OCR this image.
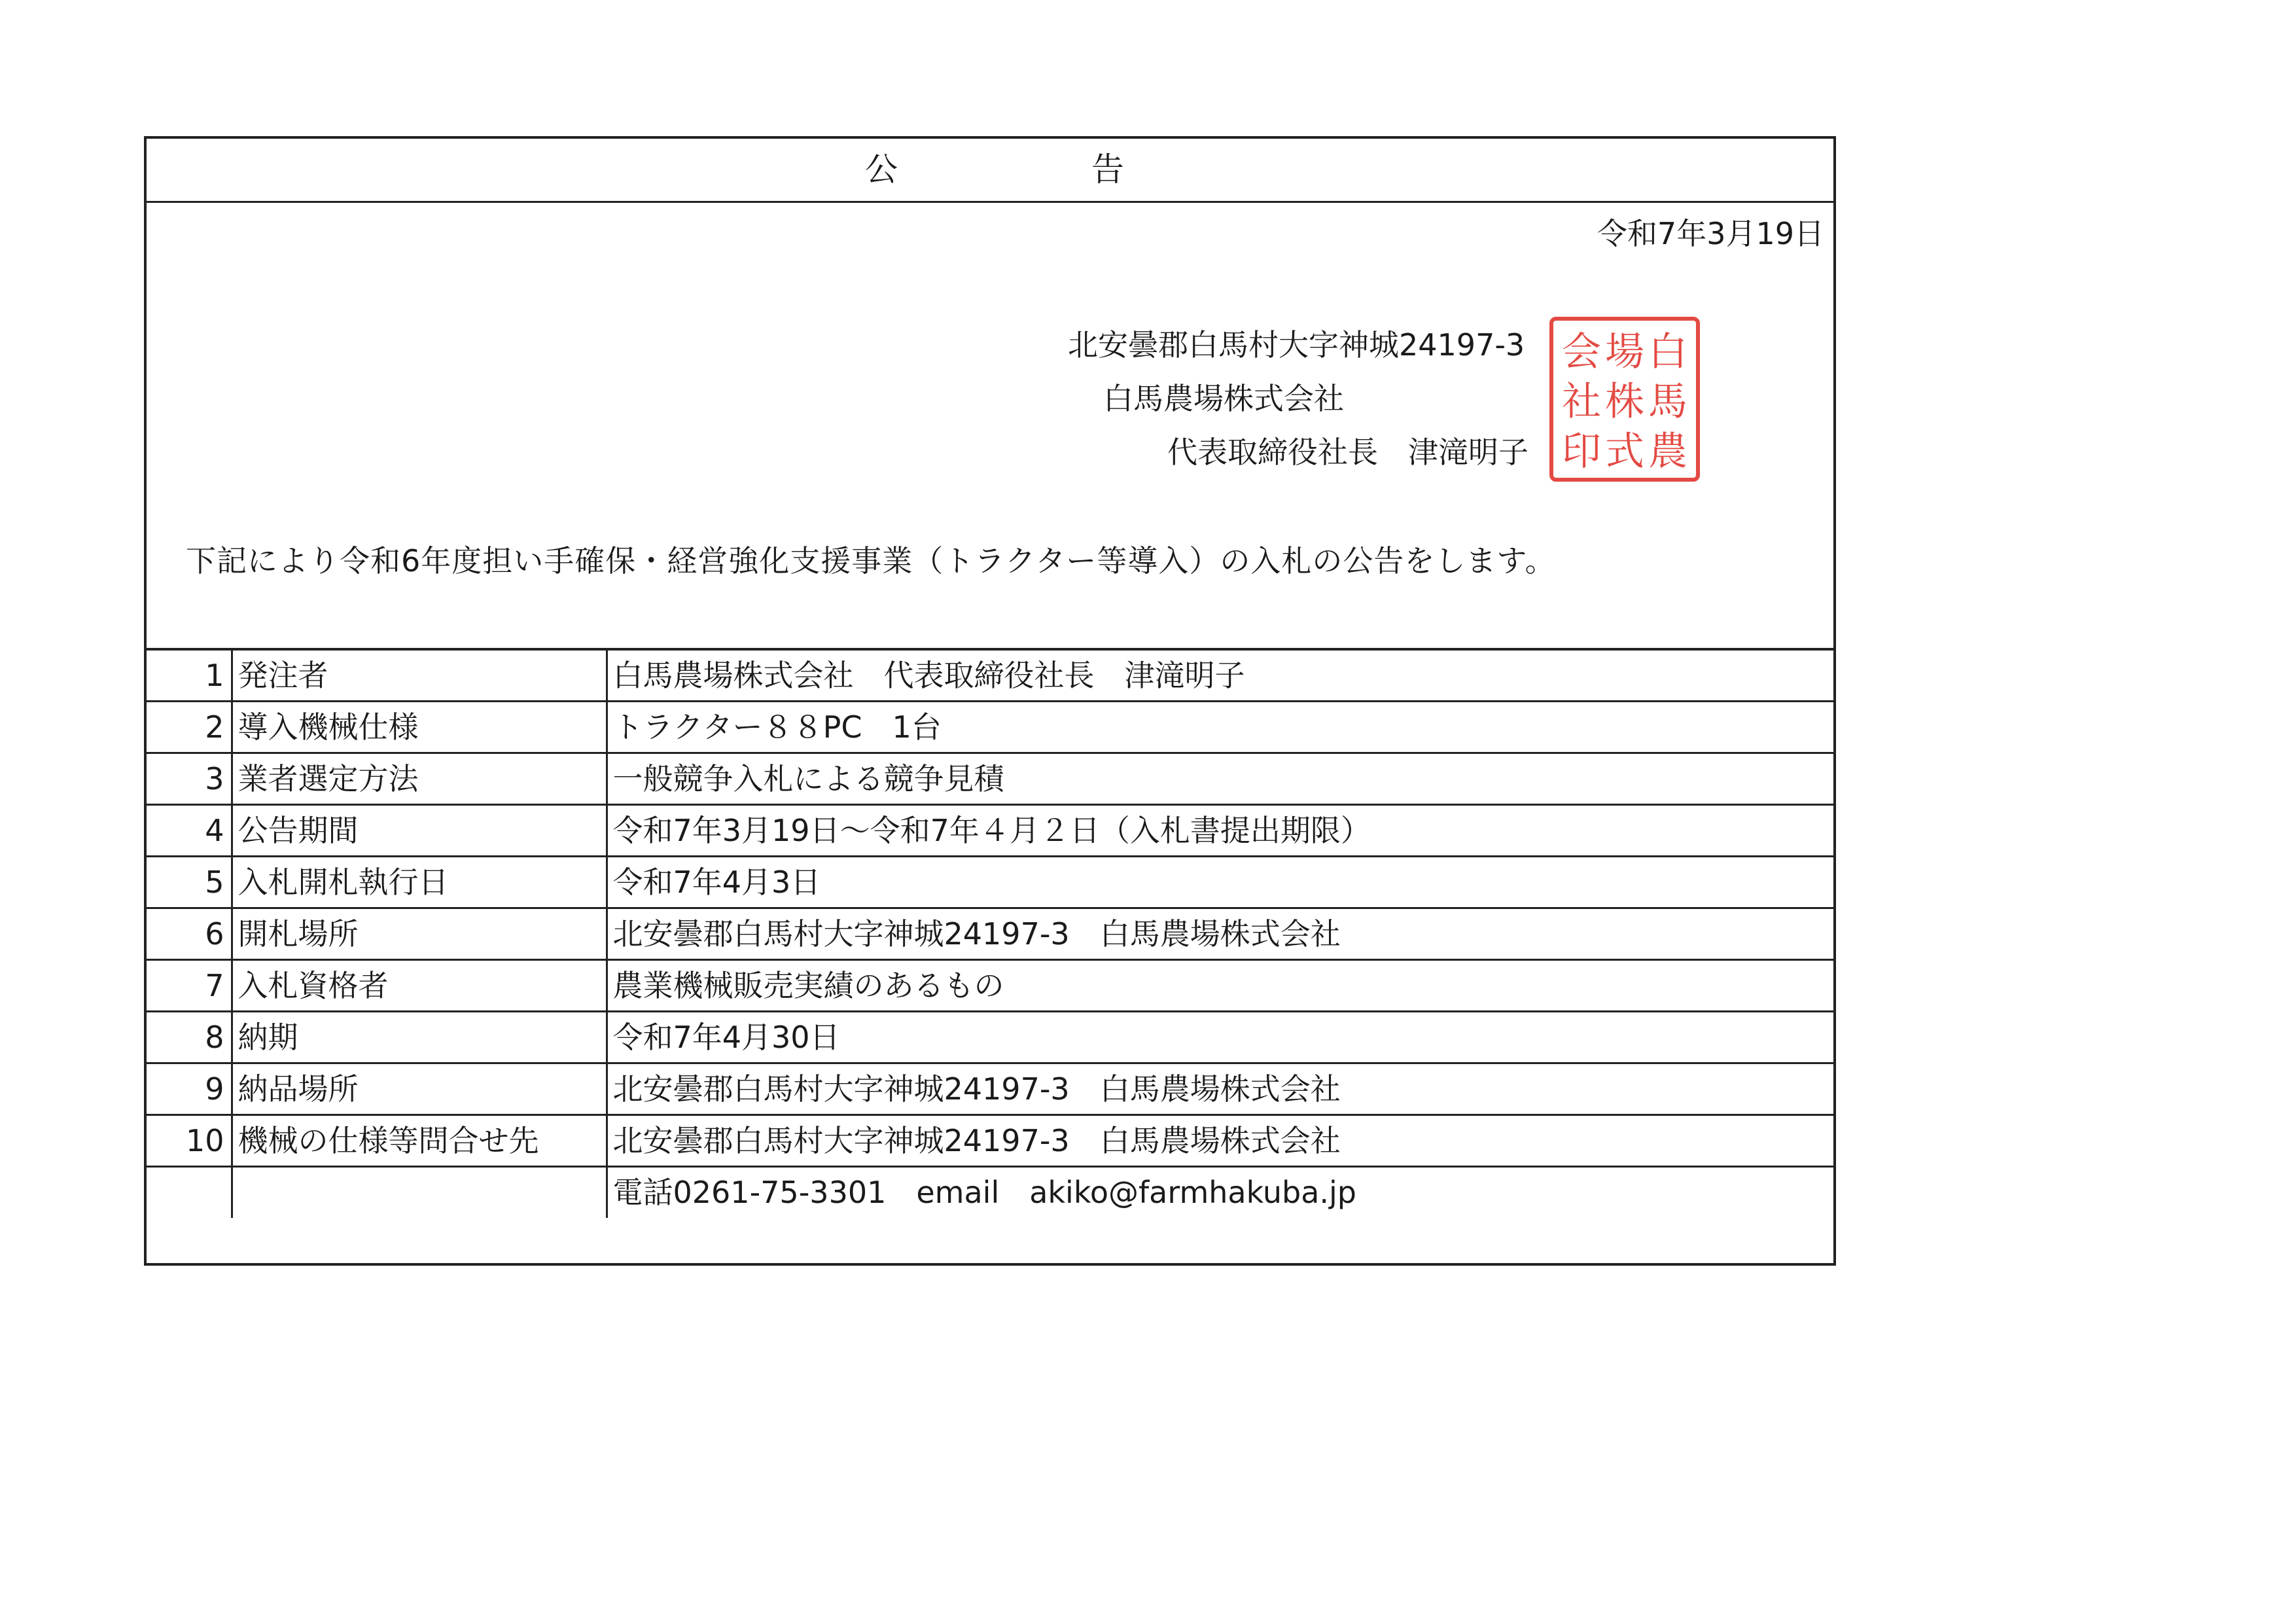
公	告
令和7年3月19日
北安曇郡白馬村大字神城24197-3
白馬農場株式会社
代表取締役社長　津滝明子
下記により令和6年度担い手確保・経営強化支援事業（トラクター等導入）の入札の公告をします。
1	発注者	白馬農場株式会社　代表取締役社長　津滝明子
2	導入機械仕様	トラクター８８PC　1台
3	業者選定方法	一般競争入札による競争見積
4	公告期間	令和7年3月19日～令和7年４月２日（入札書提出期限）
5	入札開札執行日	令和7年4月3日
6	開札場所	北安曇郡白馬村大字神城24197-3　白馬農場株式会社
7	入札資格者	農業機械販売実績のあるもの
8	納期	令和7年4月30日
9	納品場所	北安曇郡白馬村大字神城24197-3　白馬農場株式会社
10	機械の仕様等問合せ先	北安曇郡白馬村大字神城24197-3　白馬農場株式会社
		電話0261-75-3301　email　akiko@farmhakuba.jp
会 場 白
社 株 馬
印 式 農
